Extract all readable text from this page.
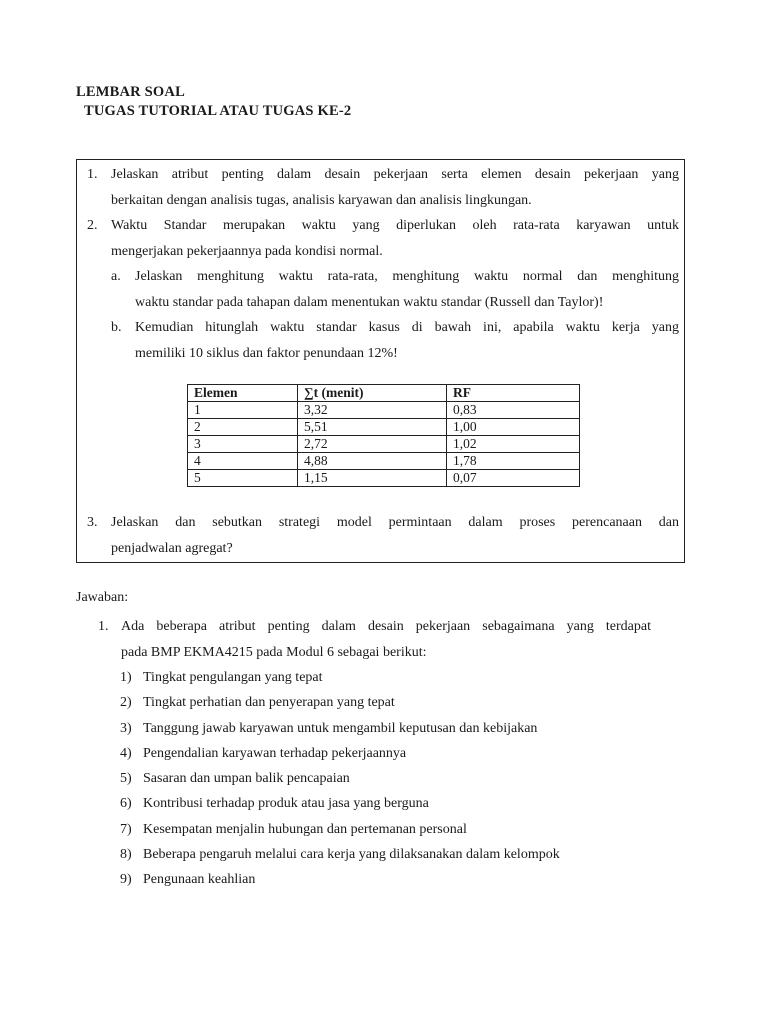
LEMBAR SOAL
TUGAS TUTORIAL ATAU TUGAS KE-2
1. Jelaskan atribut penting dalam desain pekerjaan serta elemen desain pekerjaan yang
berkaitan dengan analisis tugas, analisis karyawan dan analisis lingkungan.
2. Waktu Standar merupakan waktu yang diperlukan oleh rata-rata karyawan untuk
mengerjakan pekerjaannya pada kondisi normal.
a. Jelaskan menghitung waktu rata-rata, menghitung waktu normal dan menghitung
waktu standar pada tahapan dalam menentukan waktu standar (Russell dan Taylor)!
b. Kemudian hitunglah waktu standar kasus di bawah ini, apabila waktu kerja yang
memiliki 10 siklus dan faktor penundaan 12%!
Elemen	∑t (menit)	RF
1	3,32	0,83
2	5,51	1,00
3	2,72	1,02
4	4,88	1,78
5	1,15	0,07
3. Jelaskan dan sebutkan strategi model permintaan dalam proses perencanaan dan
penjadwalan agregat?
Jawaban:
1. Ada beberapa atribut penting dalam desain pekerjaan sebagaimana yang terdapat
pada BMP EKMA4215 pada Modul 6 sebagai berikut:
1) Tingkat pengulangan yang tepat
2) Tingkat perhatian dan penyerapan yang tepat
3) Tanggung jawab karyawan untuk mengambil keputusan dan kebijakan
4) Pengendalian karyawan terhadap pekerjaannya
5) Sasaran dan umpan balik pencapaian
6) Kontribusi terhadap produk atau jasa yang berguna
7) Kesempatan menjalin hubungan dan pertemanan personal
8) Beberapa pengaruh melalui cara kerja yang dilaksanakan dalam kelompok
9) Pengunaan keahlian
